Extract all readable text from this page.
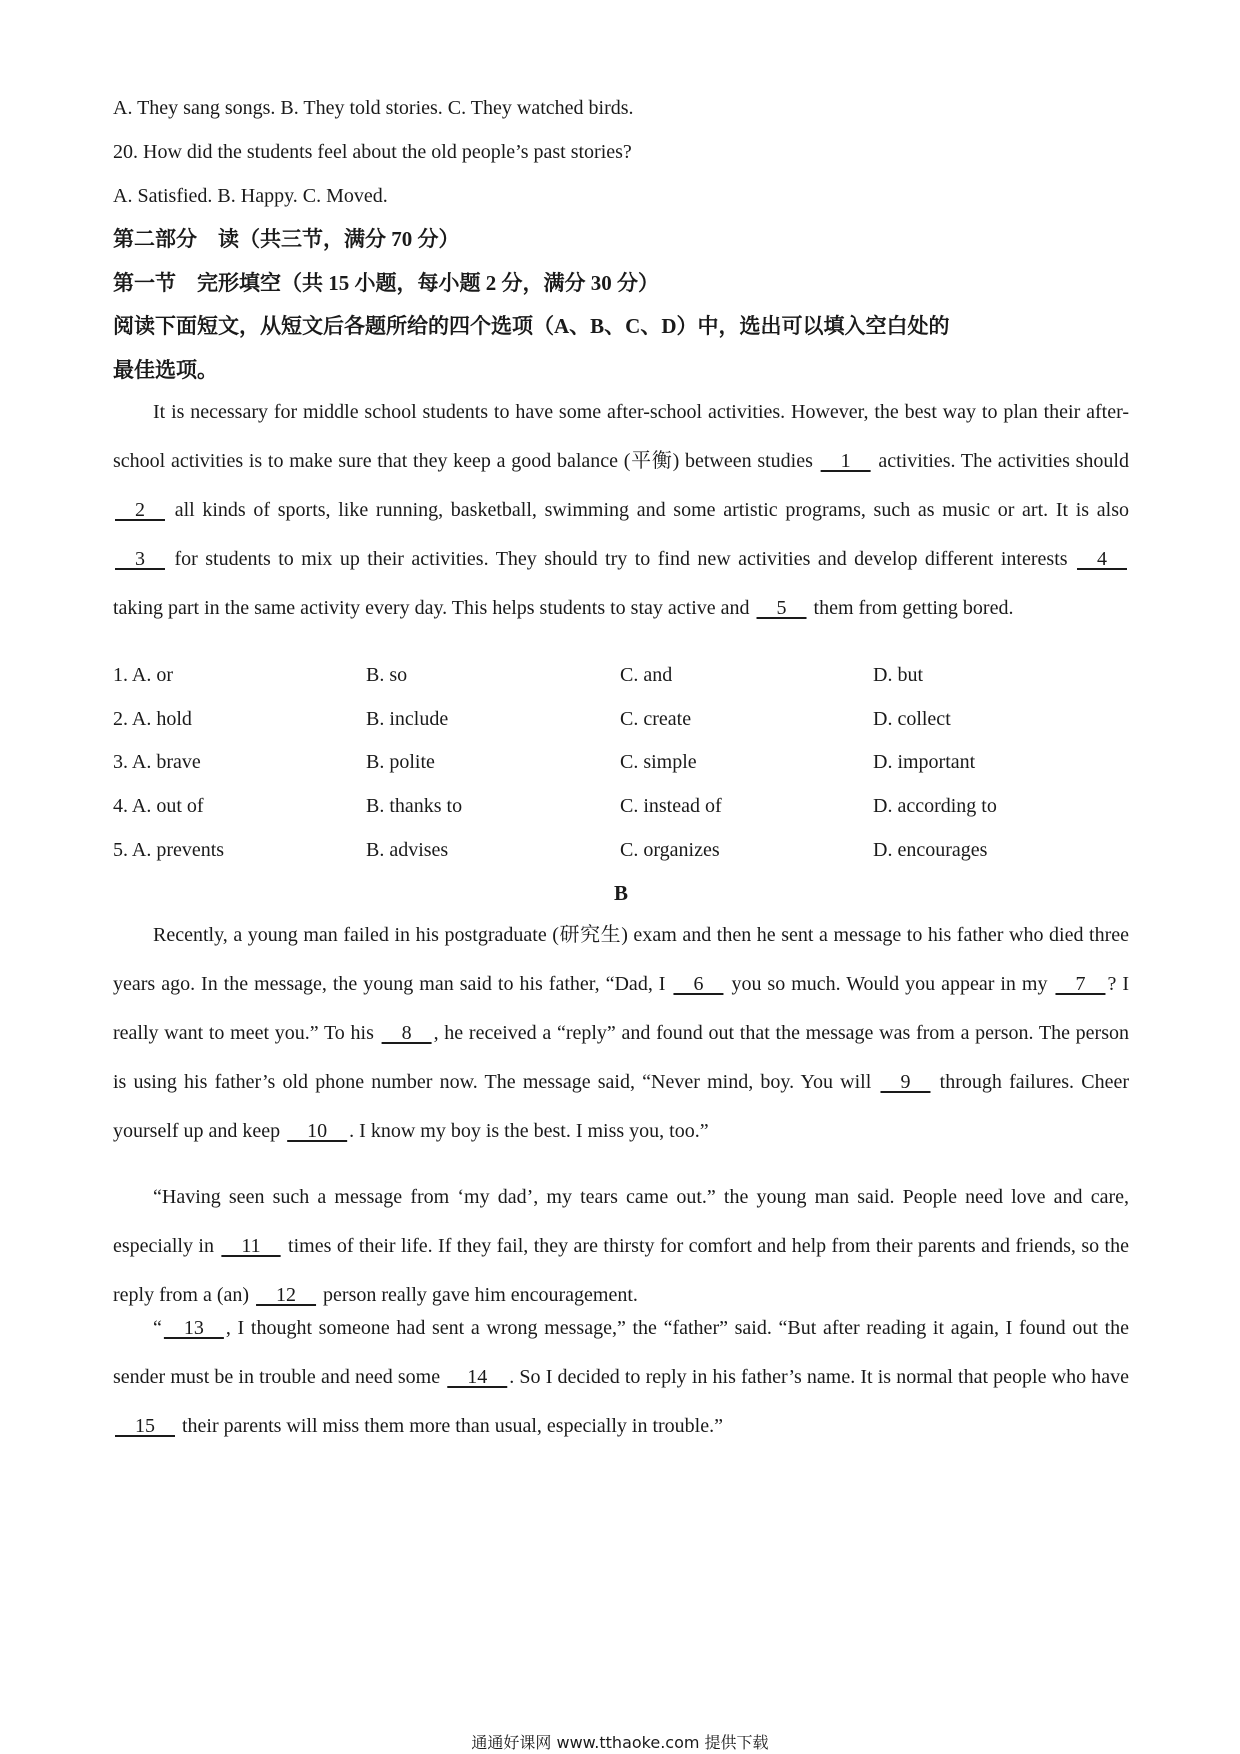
A. They sang songs. B. They told stories. C. They watched birds.
20. How did the students feel about the old people’s past stories?
A. Satisfied. B. Happy. C. Moved.
第二部分　读（共三节，满分 70 分）
第一节　完形填空（共 15 小题，每小题 2 分，满分 30 分）
阅读下面短文，从短文后各题所给的四个选项（A、B、C、D）中，选出可以填入空白处的
最佳选项。
It is necessary for middle school students to have some after-school activities. However, the best way to plan their after-school activities is to make sure that they keep a good balance (平衡) between studies     1     activities. The activities should     2     all kinds of sports, like running, basketball, swimming and some artistic programs, such as music or art. It is also     3     for students to mix up their activities. They should try to find new activities and develop different interests     4     taking part in the same activity every day. This helps students to stay active and     5     them from getting bored.
1. A. or	B. so	C. and	D. but
2. A. hold	B. include	C. create	D. collect
3. A. brave	B. polite	C. simple	D. important
4. A. out of	B. thanks to	C. instead of	D. according to
5. A. prevents	B. advises	C. organizes	D. encourages
B
Recently, a young man failed in his postgraduate (研究生) exam and then he sent a message to his father who died three years ago. In the message, the young man said to his father, “Dad, I     6     you so much. Would you appear in my     7    ? I really want to meet you.” To his     8    , he received a “reply” and found out that the message was from a person. The person is using his father’s old phone number now. The message said, “Never mind, boy. You will     9     through failures. Cheer yourself up and keep     10    . I know my boy is the best. I miss you, too.”
“Having seen such a message from ‘my dad’, my tears came out.” the young man said. People need love and care, especially in     11     times of their life. If they fail, they are thirsty for comfort and help from their parents and friends, so the reply from a (an)     12     person really gave him encouragement.
“    13    , I thought someone had sent a wrong message,” the “father” said. “But after reading it again, I found out the sender must be in trouble and need some     14    . So I decided to reply in his father’s name. It is normal that people who have     15     their parents will miss them more than usual, especially in trouble.”
通通好课网 www.tthaoke.com 提供下载
